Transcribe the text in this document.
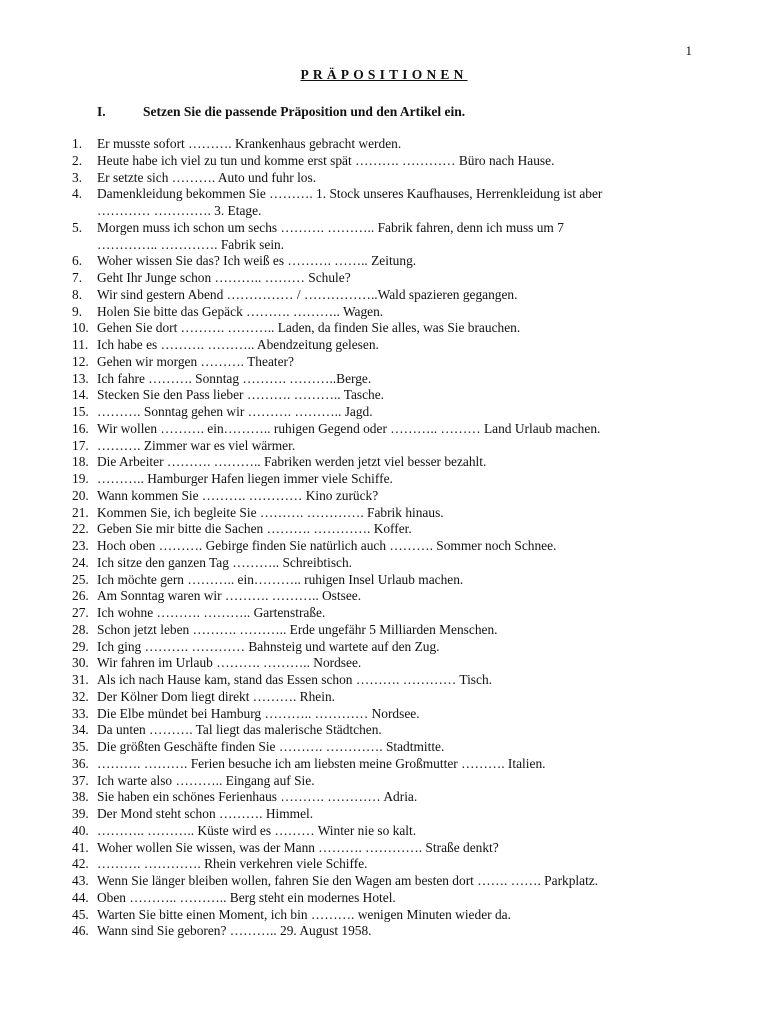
1
PRÄPOSITIONEN
I.	Setzen Sie die passende Präposition und den Artikel ein.
1.	Er musste sofort ………. Krankenhaus gebracht werden.
2.	Heute habe ich viel zu tun und komme erst spät ………. ………… Büro nach Hause.
3.	Er setzte sich ………. Auto und fuhr los.
4.	Damenkleidung bekommen Sie ………. 1. Stock unseres Kaufhauses, Herrenkleidung ist aber
………… …………. 3. Etage.
5.	Morgen muss ich schon um sechs ………. ……….. Fabrik fahren, denn ich muss um 7
………….. …………. Fabrik sein.
6.	Woher wissen Sie das? Ich weiß es ………. …….. Zeitung.
7.	Geht Ihr Junge schon ……….. ……… Schule?
8.	Wir sind gestern Abend …………… / ……………..Wald spazieren gegangen.
9.	Holen Sie bitte das Gepäck ………. ……….. Wagen.
10. Gehen Sie dort ………. ……….. Laden, da finden Sie alles, was Sie brauchen.
11. Ich habe es ………. ……….. Abendzeitung gelesen.
12. Gehen wir morgen ………. Theater?
13. Ich fahre ………. Sonntag ………. ………..Berge.
14. Stecken Sie den Pass lieber ………. ……….. Tasche.
15. ………. Sonntag gehen wir ………. ……….. Jagd.
16. Wir wollen ………. ein……….. ruhigen Gegend oder ……….. ……… Land Urlaub machen.
17. ………. Zimmer war es viel wärmer.
18. Die Arbeiter ………. ……….. Fabriken werden jetzt viel besser bezahlt.
19. ……….. Hamburger Hafen liegen immer viele Schiffe.
20. Wann kommen Sie ………. ………… Kino zurück?
21. Kommen Sie, ich begleite Sie ………. …………. Fabrik hinaus.
22. Geben Sie mir bitte die Sachen ………. …………. Koffer.
23. Hoch oben ………. Gebirge finden Sie natürlich auch ………. Sommer noch Schnee.
24. Ich sitze den ganzen Tag ……….. Schreibtisch.
25. Ich möchte gern ……….. ein……….. ruhigen Insel Urlaub machen.
26. Am Sonntag waren wir ………. ……….. Ostsee.
27. Ich wohne ………. ……….. Gartenstraße.
28. Schon jetzt leben ………. ……….. Erde ungefähr 5 Milliarden Menschen.
29. Ich ging ………. ………… Bahnsteig und wartete auf den Zug.
30. Wir fahren im Urlaub ………. ……….. Nordsee.
31. Als ich nach Hause kam, stand das Essen schon ………. ………… Tisch.
32. Der Kölner Dom liegt direkt ………. Rhein.
33. Die Elbe mündet bei Hamburg ……….. ………… Nordsee.
34. Da unten ………. Tal liegt das malerische Städtchen.
35. Die größten Geschäfte finden Sie ………. …………. Stadtmitte.
36. ………. ………. Ferien besuche ich am liebsten meine Großmutter ………. Italien.
37. Ich warte also ……….. Eingang auf Sie.
38. Sie haben ein schönes Ferienhaus ………. ………… Adria.
39. Der Mond steht schon ………. Himmel.
40. ……….. ……….. Küste wird es ……… Winter nie so kalt.
41. Woher wollen Sie wissen, was der Mann ………. …………. Straße denkt?
42. ………. …………. Rhein verkehren viele Schiffe.
43. Wenn Sie länger bleiben wollen, fahren Sie den Wagen am besten dort ……. ……. Parkplatz.
44. Oben ……….. ……….. Berg steht ein modernes Hotel.
45. Warten Sie bitte einen Moment, ich bin ………. wenigen Minuten wieder da.
46. Wann sind Sie geboren? ……….. 29. August 1958.
